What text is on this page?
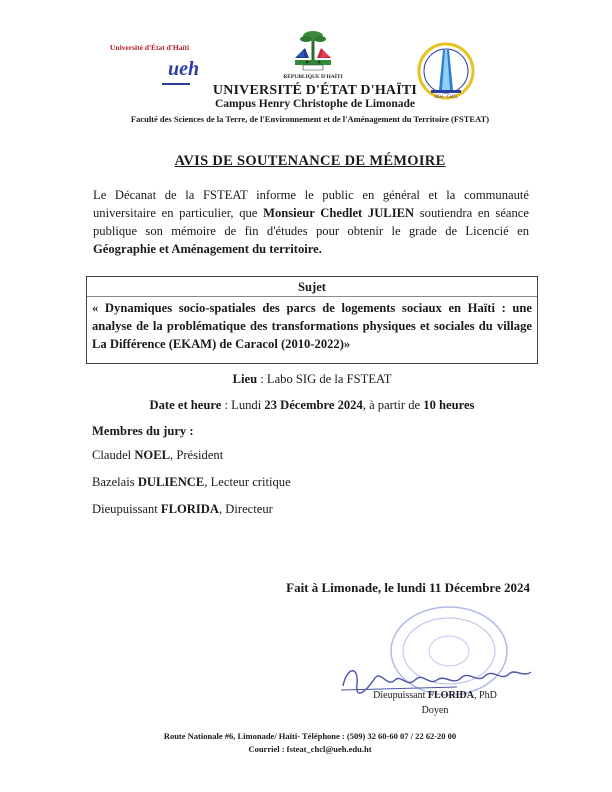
Université d'État d'Haïti
ueh	RÉPUBLIQUE D'HAÏTI
UEH - CHCL
UNIVERSITÉ D'ÉTAT D'HAÏTI
Campus Henry Christophe de Limonade
Faculté des Sciences de la Terre, de l'Environnement et de l'Aménagement du Territoire (FSTEAT)
AVIS DE SOUTENANCE DE MÉMOIRE
Le Décanat de la FSTEAT informe le public en général et la communauté universitaire en particulier, que Monsieur Chedlet JULIEN soutiendra en séance publique son mémoire de fin d'études pour obtenir le grade de Licencié en Géographie et Aménagement du territoire.
Sujet
« Dynamiques socio-spatiales des parcs de logements sociaux en Haïti : une analyse de la problématique des transformations physiques et sociales du village La Différence (EKAM) de Caracol (2010-2022)»
Lieu : Labo SIG de la FSTEAT
Date et heure : Lundi 23 Décembre 2024, à partir de 10 heures
Membres du jury :
Claudel NOEL, Président
Bazelais DULIENCE, Lecteur critique
Dieupuissant FLORIDA, Directeur
Fait à Limonade, le lundi 11 Décembre 2024
Dieupuissant FLORIDA, PhD
Doyen
Route Nationale #6, Limonade/ Haïti- Téléphone : (509) 32 60-60 07 / 22 62-20 00
Courriel : fsteat_chcl@ueh.edu.ht
